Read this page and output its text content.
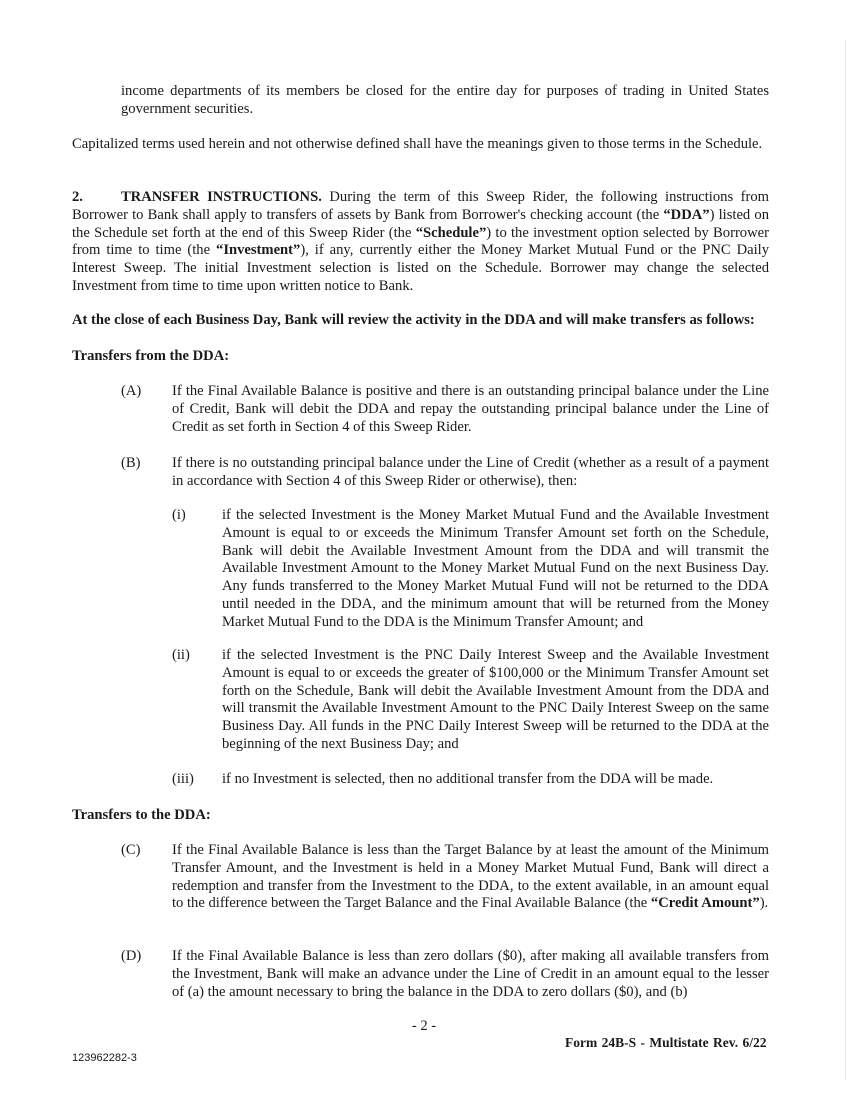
income departments of its members be closed for the entire day for purposes of trading in United States government securities.

Capitalized terms used herein and not otherwise defined shall have the meanings given to those terms in the Schedule.

2.	TRANSFER INSTRUCTIONS. During the term of this Sweep Rider, the following instructions from Borrower to Bank shall apply to transfers of assets by Bank from Borrower's checking account (the “DDA”) listed on the Schedule set forth at the end of this Sweep Rider (the “Schedule”) to the investment option selected by Borrower from time to time (the “Investment”), if any, currently either the Money Market Mutual Fund or the PNC Daily Interest Sweep. The initial Investment selection is listed on the Schedule. Borrower may change the selected Investment from time to time upon written notice to Bank.

At the close of each Business Day, Bank will review the activity in the DDA and will make transfers as follows:
Transfers from the DDA:
(A) If the Final Available Balance is positive and there is an outstanding principal balance under the Line of Credit, Bank will debit the DDA and repay the outstanding principal balance under the Line of Credit as set forth in Section 4 of this Sweep Rider.

(B) If there is no outstanding principal balance under the Line of Credit (whether as a result of a payment in accordance with Section 4 of this Sweep Rider or otherwise), then:

(i) if the selected Investment is the Money Market Mutual Fund and the Available Investment Amount is equal to or exceeds the Minimum Transfer Amount set forth on the Schedule, Bank will debit the Available Investment Amount from the DDA and will transmit the Available Investment Amount to the Money Market Mutual Fund on the next Business Day. Any funds transferred to the Money Market Mutual Fund will not be returned to the DDA until needed in the DDA, and the minimum amount that will be returned from the Money Market Mutual Fund to the DDA is the Minimum Transfer Amount; and

(ii) if the selected Investment is the PNC Daily Interest Sweep and the Available Investment Amount is equal to or exceeds the greater of $100,000 or the Minimum Transfer Amount set forth on the Schedule, Bank will debit the Available Investment Amount from the DDA and will transmit the Available Investment Amount to the PNC Daily Interest Sweep on the same Business Day. All funds in the PNC Daily Interest Sweep will be returned to the DDA at the beginning of the next Business Day; and

(iii) if no Investment is selected, then no additional transfer from the DDA will be made.

Transfers to the DDA:
(C) If the Final Available Balance is less than the Target Balance by at least the amount of the Minimum Transfer Amount, and the Investment is held in a Money Market Mutual Fund, Bank will direct a redemption and transfer from the Investment to the DDA, to the extent available, in an amount equal to the difference between the Target Balance and the Final Available Balance (the “Credit Amount”).

(D) If the Final Available Balance is less than zero dollars ($0), after making all available transfers from the Investment, Bank will make an advance under the Line of Credit in an amount equal to the lesser of (a) the amount necessary to bring the balance in the DDA to zero dollars ($0), and (b)

- 2 -
Form 24B-S - Multistate Rev. 6/22
123962282-3
